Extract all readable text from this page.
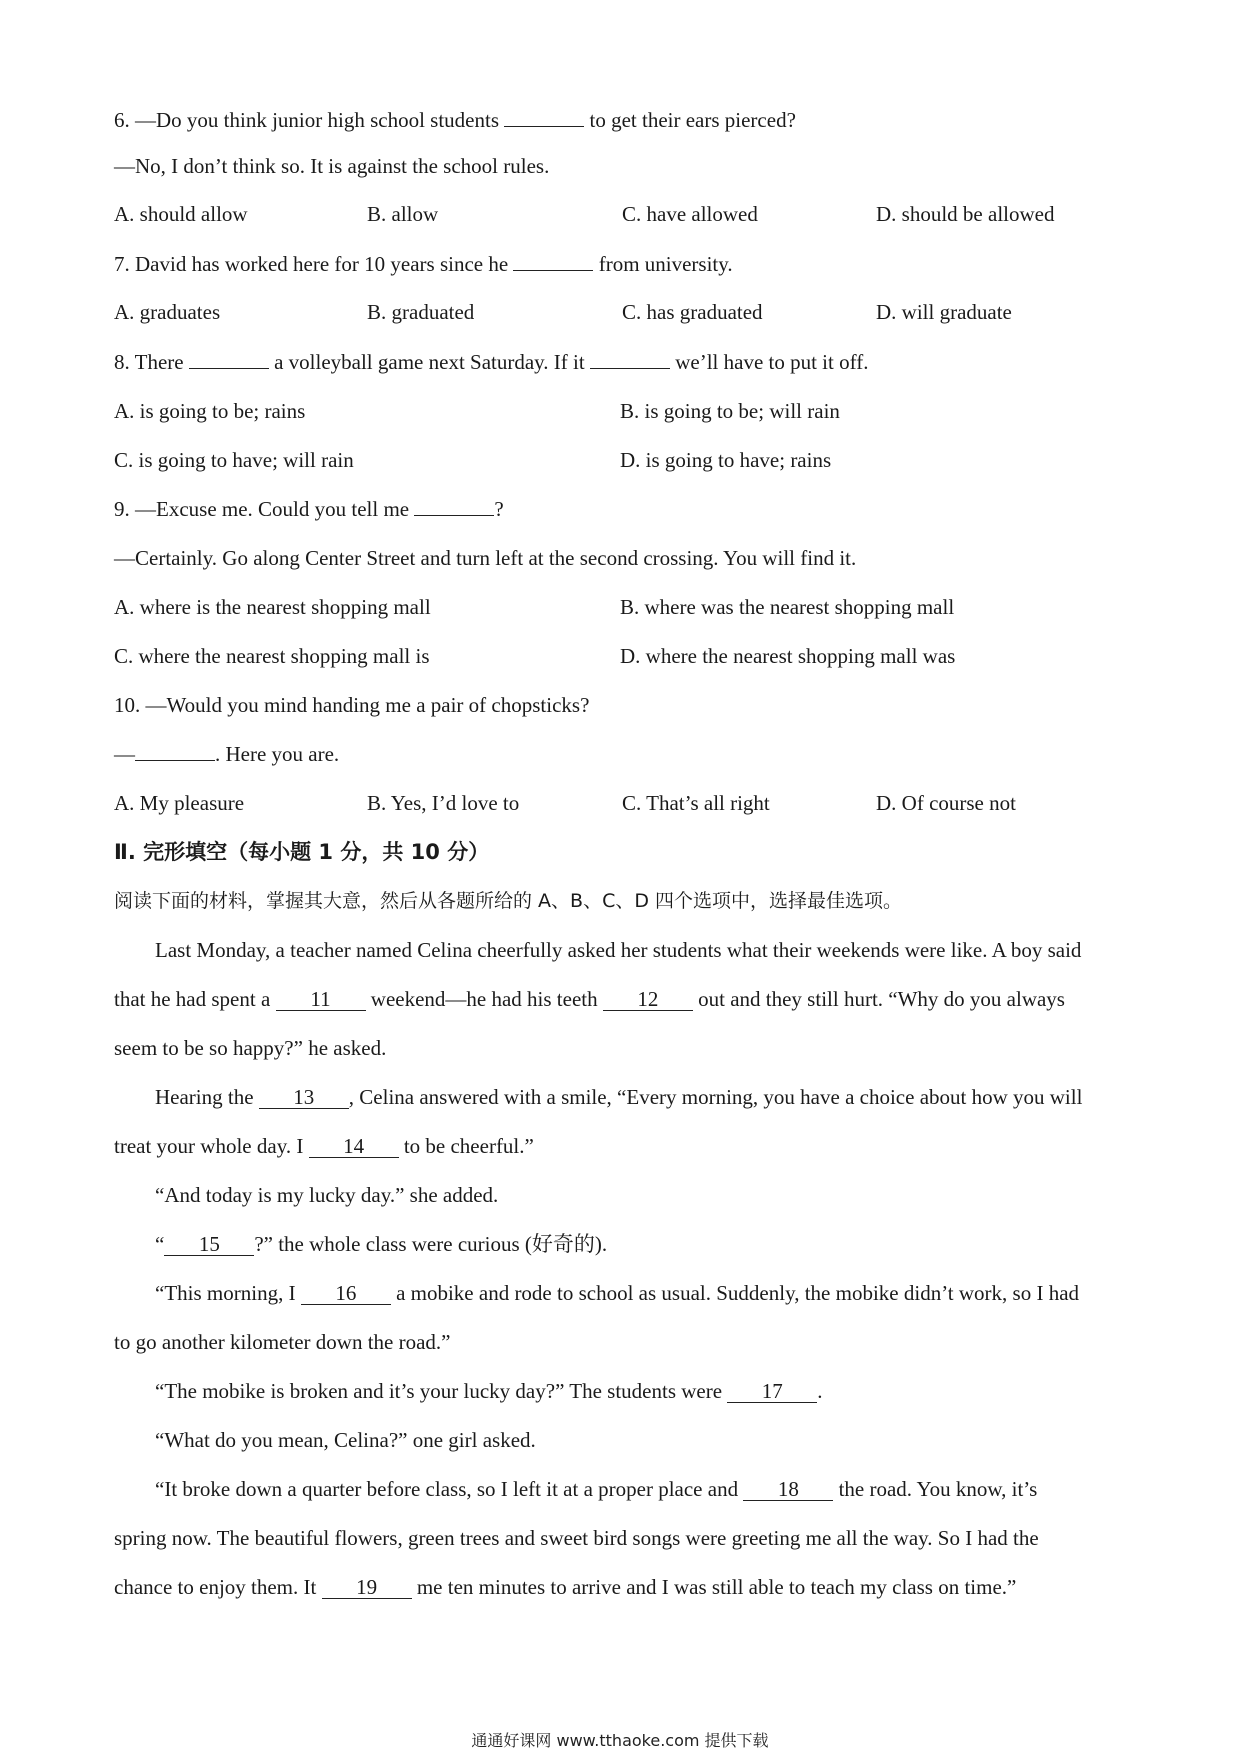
6. —Do you think junior high school students	to get their ears pierced?
—No, I don’t think so. It is against the school rules.
A. should allow	B. allow	C. have allowed	D. should be allowed
7. David has worked here for 10 years since he	from university.
A. graduates	B. graduated	C. has graduated	D. will graduate
8. There	a volleyball game next Saturday. If it	we’ll have to put it off.
A. is going to be; rains	B. is going to be; will rain
C. is going to have; will rain	D. is going to have; rains
9. —Excuse me. Could you tell me	?
—Certainly. Go along Center Street and turn left at the second crossing. You will find it.
A. where is the nearest shopping mall	B. where was the nearest shopping mall
C. where the nearest shopping mall is	D. where the nearest shopping mall was
10. —Would you mind handing me a pair of chopsticks?
—	. Here you are.
A. My pleasure	B. Yes, I’d love to	C. That’s all right	D. Of course not
Ⅱ. 完形填空（每小题 1 分，共 10 分）
阅读下面的材料，掌握其大意，然后从各题所给的 A、B、C、D 四个选项中，选择最佳选项。
Last Monday, a teacher named Celina cheerfully asked her students what their weekends were like. A boy said
that he had spent a 11 weekend—he had his teeth 12 out and they still hurt. “Why do you always
seem to be so happy?” he asked.
Hearing the 13 , Celina answered with a smile, “Every morning, you have a choice about how you will
treat your whole day. I 14 to be cheerful.”
“And today is my lucky day.” she added.
“ 15 ?” the whole class were curious (好奇的).
“This morning, I 16 a mobike and rode to school as usual. Suddenly, the mobike didn’t work, so I had
to go another kilometer down the road.”
“The mobike is broken and it’s your lucky day?” The students were 17 .
“What do you mean, Celina?” one girl asked.
“It broke down a quarter before class, so I left it at a proper place and 18 the road. You know, it’s
spring now. The beautiful flowers, green trees and sweet bird songs were greeting me all the way. So I had the
chance to enjoy them. It 19 me ten minutes to arrive and I was still able to teach my class on time.”
通通好课网 www.tthaoke.com 提供下载
